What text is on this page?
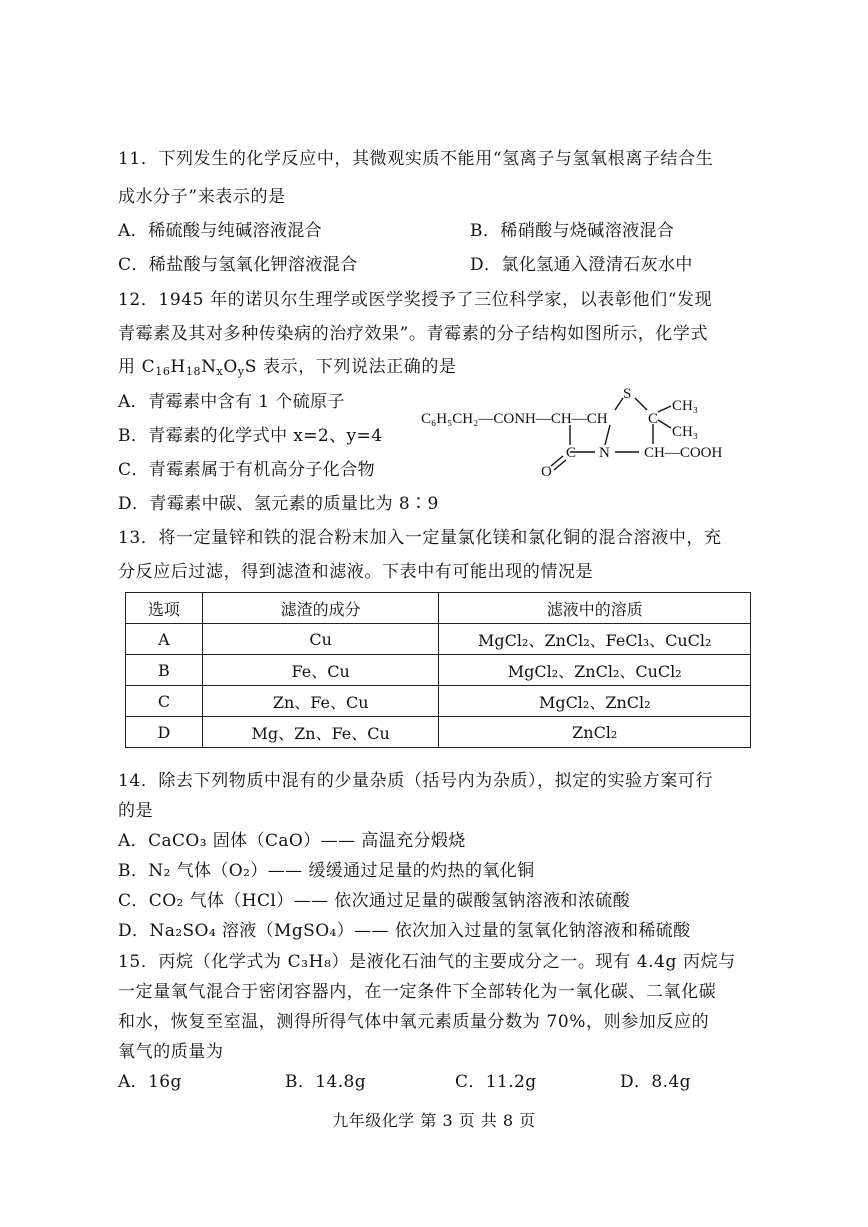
11．下列发生的化学反应中，其微观实质不能用“氢离子与氢氧根离子结合生
成水分子”来表示的是
A．稀硫酸与纯碱溶液混合	B．稀硝酸与烧碱溶液混合
C．稀盐酸与氢氧化钾溶液混合	D．氯化氢通入澄清石灰水中
12．1945 年的诺贝尔生理学或医学奖授予了三位科学家，以表彰他们“发现
青霉素及其对多种传染病的治疗效果”。青霉素的分子结构如图所示，化学式
用 $C_{16}H_{18}N_xO_yS$ 表示，下列说法正确的是
A．青霉素中含有 1 个硫原子
B．青霉素的化学式中 x=2、y=4
C．青霉素属于有机高分子化合物
D．青霉素中碳、氢元素的质量比为 8∶9
C₆H₅CH₂—CONH—CH—CH
S
C
CH₃
CH₃
C N CH—COOH
O
13．将一定量锌和铁的混合粉末加入一定量氯化镁和氯化铜的混合溶液中，充
分反应后过滤，得到滤渣和滤液。下表中有可能出现的情况是
选项	滤渣的成分	滤液中的溶质
A	Cu	MgCl₂、ZnCl₂、FeCl₃、CuCl₂
B	Fe、Cu	MgCl₂、ZnCl₂、CuCl₂
C	Zn、Fe、Cu	MgCl₂、ZnCl₂
D	Mg、Zn、Fe、Cu	ZnCl₂
14．除去下列物质中混有的少量杂质（括号内为杂质），拟定的实验方案可行
的是
A．CaCO₃ 固体（CaO）—— 高温充分煅烧
B．N₂ 气体（O₂）—— 缓缓通过足量的灼热的氧化铜
C．CO₂ 气体（HCl）—— 依次通过足量的碳酸氢钠溶液和浓硫酸
D．Na₂SO₄ 溶液（MgSO₄）—— 依次加入过量的氢氧化钠溶液和稀硫酸
15．丙烷（化学式为 C₃H₈）是液化石油气的主要成分之一。现有 4.4g 丙烷与
一定量氧气混合于密闭容器内，在一定条件下全部转化为一氧化碳、二氧化碳
和水，恢复至室温，测得所得气体中氧元素质量分数为 70%，则参加反应的
氧气的质量为
A．16g	B．14.8g	C．11.2g	D．8.4g
九年级化学 第 3 页 共 8 页
